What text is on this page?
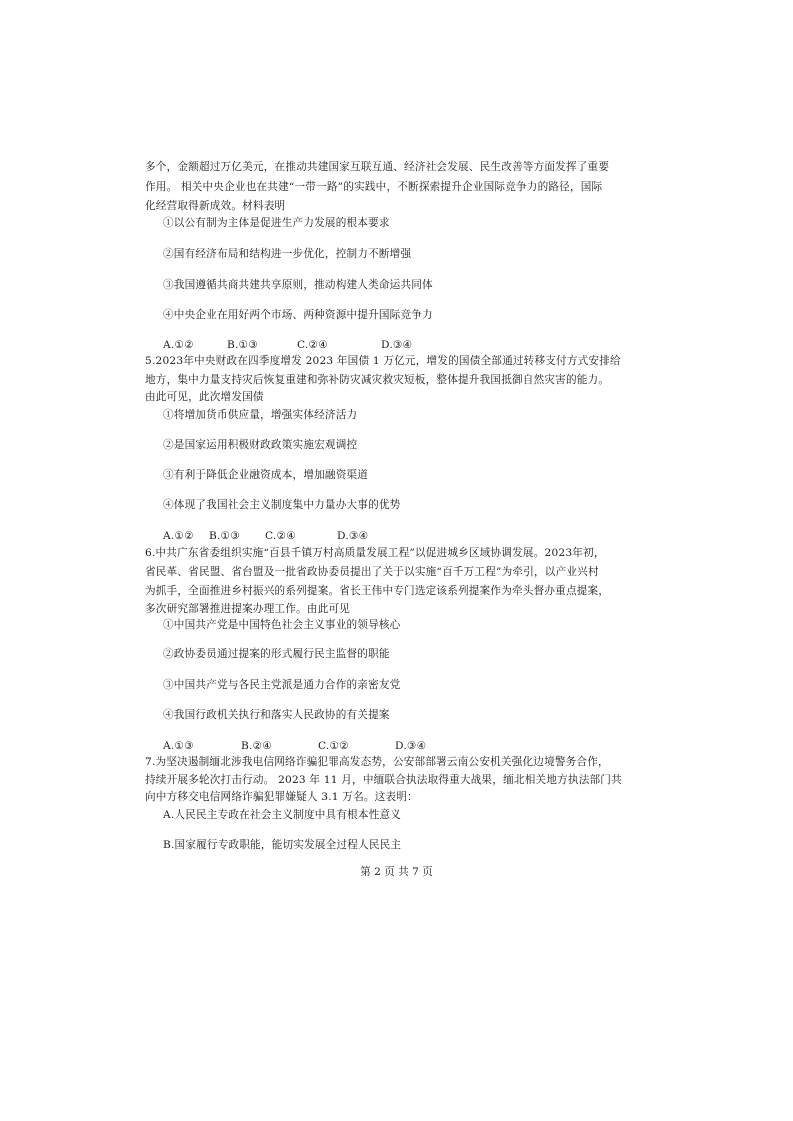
多个，金额超过万亿美元，在推动共建国家互联互通、经济社会发展、民生改善等方面发挥了重要
作用。 相关中央企业也在共建“一带一路”的实践中，不断探索提升企业国际竞争力的路径，国际
化经营取得新成效。材料表明
①以公有制为主体是促进生产力发展的根本要求
②国有经济布局和结构进一步优化，控制力不断增强
③我国遵循共商共建共享原则，推动构建人类命运共同体
④中央企业在用好两个市场、两种资源中提升国际竞争力
A.①②	B.①③	C.②④	D.③④
5.2023年中央财政在四季度增发 2023 年国债 1 万亿元，增发的国债全部通过转移支付方式安排给
地方，集中力量支持灾后恢复重建和弥补防灾减灾救灾短板，整体提升我国抵御自然灾害的能力。
由此可见，此次增发国债
①将增加货币供应量，增强实体经济活力
②是国家运用积极财政政策实施宏观调控
③有利于降低企业融资成本，增加融资渠道
④体现了我国社会主义制度集中力量办大事的优势
A.①② B.①③ C.②④	D.③④
6.中共广东省委组织实施“百县千镇万村高质量发展工程”以促进城乡区域协调发展。2023年初，
省民革、省民盟、省台盟及一批省政协委员提出了关于以实施“百千万工程”为牵引，以产业兴村
为抓手，全面推进乡村振兴的系列提案。省长王伟中专门选定该系列提案作为牵头督办重点提案，
多次研究部署推进提案办理工作。由此可见
①中国共产党是中国特色社会主义事业的领导核心
②政协委员通过提案的形式履行民主监督的职能
③中国共产党与各民主党派是通力合作的亲密友党
④我国行政机关执行和落实人民政协的有关提案
A.①③	B.②④	C.①②	D.③④
7.为坚决遏制缅北涉我电信网络诈骗犯罪高发态势，公安部部署云南公安机关强化边境警务合作，
持续开展多轮次打击行动。 2023 年 11 月，中缅联合执法取得重大战果，缅北相关地方执法部门共
向中方移交电信网络诈骗犯罪嫌疑人 3.1 万名。这表明：
A.人民民主专政在社会主义制度中具有根本性意义
B.国家履行专政职能，能切实发展全过程人民民主
第 2 页 共 7 页
